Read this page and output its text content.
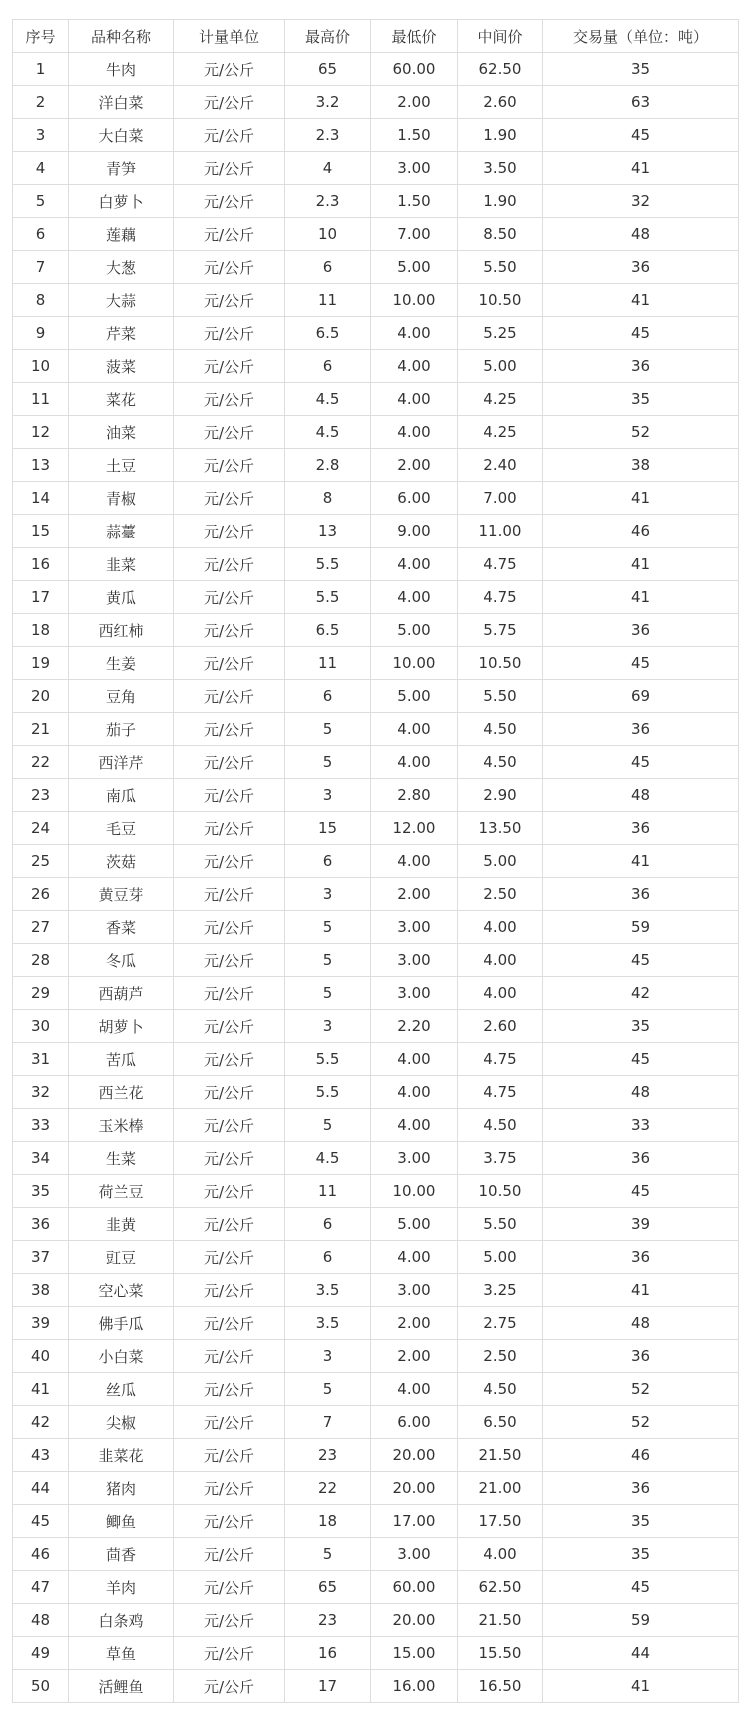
序号	品种名称	计量单位	最高价	最低价	中间价	交易量（单位：吨）
1	牛肉	元/公斤	65	60.00	62.50	35
2	洋白菜	元/公斤	3.2	2.00	2.60	63
3	大白菜	元/公斤	2.3	1.50	1.90	45
4	青笋	元/公斤	4	3.00	3.50	41
5	白萝卜	元/公斤	2.3	1.50	1.90	32
6	莲藕	元/公斤	10	7.00	8.50	48
7	大葱	元/公斤	6	5.00	5.50	36
8	大蒜	元/公斤	11	10.00	10.50	41
9	芹菜	元/公斤	6.5	4.00	5.25	45
10	菠菜	元/公斤	6	4.00	5.00	36
11	菜花	元/公斤	4.5	4.00	4.25	35
12	油菜	元/公斤	4.5	4.00	4.25	52
13	土豆	元/公斤	2.8	2.00	2.40	38
14	青椒	元/公斤	8	6.00	7.00	41
15	蒜薹	元/公斤	13	9.00	11.00	46
16	韭菜	元/公斤	5.5	4.00	4.75	41
17	黄瓜	元/公斤	5.5	4.00	4.75	41
18	西红柿	元/公斤	6.5	5.00	5.75	36
19	生姜	元/公斤	11	10.00	10.50	45
20	豆角	元/公斤	6	5.00	5.50	69
21	茄子	元/公斤	5	4.00	4.50	36
22	西洋芹	元/公斤	5	4.00	4.50	45
23	南瓜	元/公斤	3	2.80	2.90	48
24	毛豆	元/公斤	15	12.00	13.50	36
25	茨菇	元/公斤	6	4.00	5.00	41
26	黄豆芽	元/公斤	3	2.00	2.50	36
27	香菜	元/公斤	5	3.00	4.00	59
28	冬瓜	元/公斤	5	3.00	4.00	45
29	西葫芦	元/公斤	5	3.00	4.00	42
30	胡萝卜	元/公斤	3	2.20	2.60	35
31	苦瓜	元/公斤	5.5	4.00	4.75	45
32	西兰花	元/公斤	5.5	4.00	4.75	48
33	玉米棒	元/公斤	5	4.00	4.50	33
34	生菜	元/公斤	4.5	3.00	3.75	36
35	荷兰豆	元/公斤	11	10.00	10.50	45
36	韭黄	元/公斤	6	5.00	5.50	39
37	豇豆	元/公斤	6	4.00	5.00	36
38	空心菜	元/公斤	3.5	3.00	3.25	41
39	佛手瓜	元/公斤	3.5	2.00	2.75	48
40	小白菜	元/公斤	3	2.00	2.50	36
41	丝瓜	元/公斤	5	4.00	4.50	52
42	尖椒	元/公斤	7	6.00	6.50	52
43	韭菜花	元/公斤	23	20.00	21.50	46
44	猪肉	元/公斤	22	20.00	21.00	36
45	鲫鱼	元/公斤	18	17.00	17.50	35
46	茴香	元/公斤	5	3.00	4.00	35
47	羊肉	元/公斤	65	60.00	62.50	45
48	白条鸡	元/公斤	23	20.00	21.50	59
49	草鱼	元/公斤	16	15.00	15.50	44
50	活鲤鱼	元/公斤	17	16.00	16.50	41
